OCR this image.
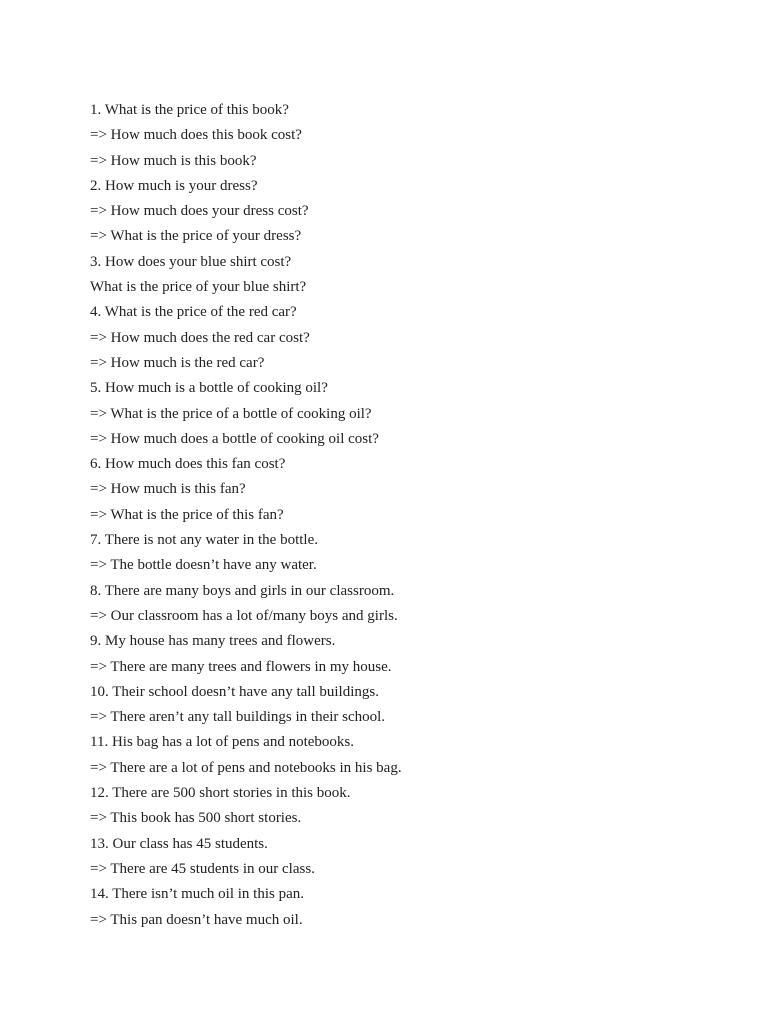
1. What is the price of this book?

=> How much does this book cost?

=> How much is this book?

2. How much is your dress?

=> How much does your dress cost?

=> What is the price of your dress?

3. How does your blue shirt cost?

What is the price of your blue shirt?

4. What is the price of the red car?

=> How much does the red car cost?

=> How much is the red car?

5. How much is a bottle of cooking oil?

=> What is the price of a bottle of cooking oil?

=> How much does a bottle of cooking oil cost?

6. How much does this fan cost?

=> How much is this fan?

=> What is the price of this fan?

7. There is not any water in the bottle.

=> The bottle doesn’t have any water.

8. There are many boys and girls in our classroom.

=> Our classroom has a lot of/many boys and girls.

9. My house has many trees and flowers.

=> There are many trees and flowers in my house.

10. Their school doesn’t have any tall buildings.

=> There aren’t any tall buildings in their school.

11. His bag has a lot of pens and notebooks.

=> There are a lot of pens and notebooks in his bag.

12. There are 500 short stories in this book.

=> This book has 500 short stories.

13. Our class has 45 students.

=> There are 45 students in our class.

14. There isn’t much oil in this pan.

=> This pan doesn’t have much oil.
